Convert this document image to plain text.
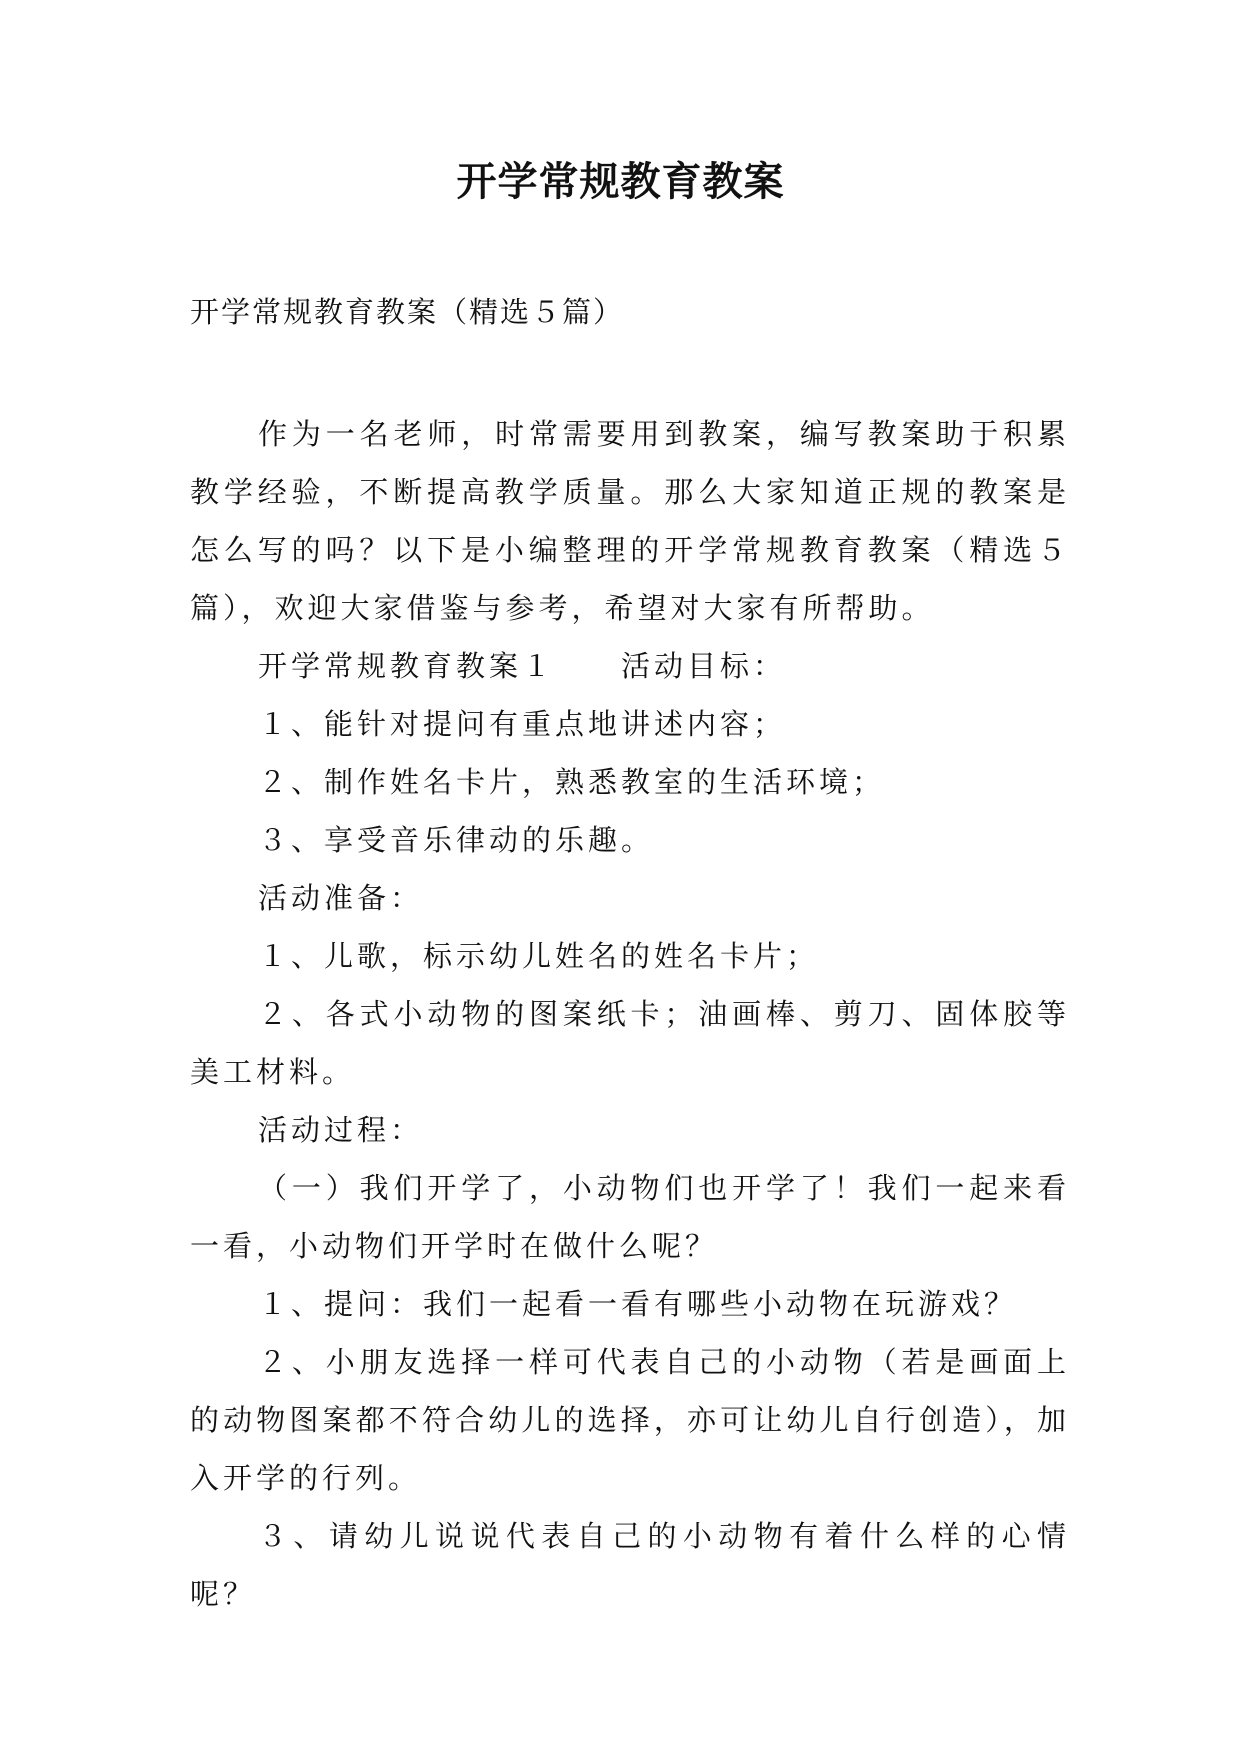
开学常规教育教案

开学常规教育教案（精选５篇）

作为一名老师，时常需要用到教案，编写教案助于积累教学经验，不断提高教学质量。那么大家知道正规的教案是怎么写的吗？以下是小编整理的开学常规教育教案（精选５篇），欢迎大家借鉴与参考，希望对大家有所帮助。

开学常规教育教案１ 活动目标：

１、能针对提问有重点地讲述内容；

２、制作姓名卡片，熟悉教室的生活环境；

３、享受音乐律动的乐趣。

活动准备：

１、儿歌，标示幼儿姓名的姓名卡片；

２、各式小动物的图案纸卡；油画棒、剪刀、固体胶等美工材料。

活动过程：

（一）我们开学了，小动物们也开学了！我们一起来看一看，小动物们开学时在做什么呢？

１、提问：我们一起看一看有哪些小动物在玩游戏？

２、小朋友选择一样可代表自己的小动物（若是画面上的动物图案都不符合幼儿的选择，亦可让幼儿自行创造），加入开学的行列。

３、请幼儿说说代表自己的小动物有着什么样的心情呢？
